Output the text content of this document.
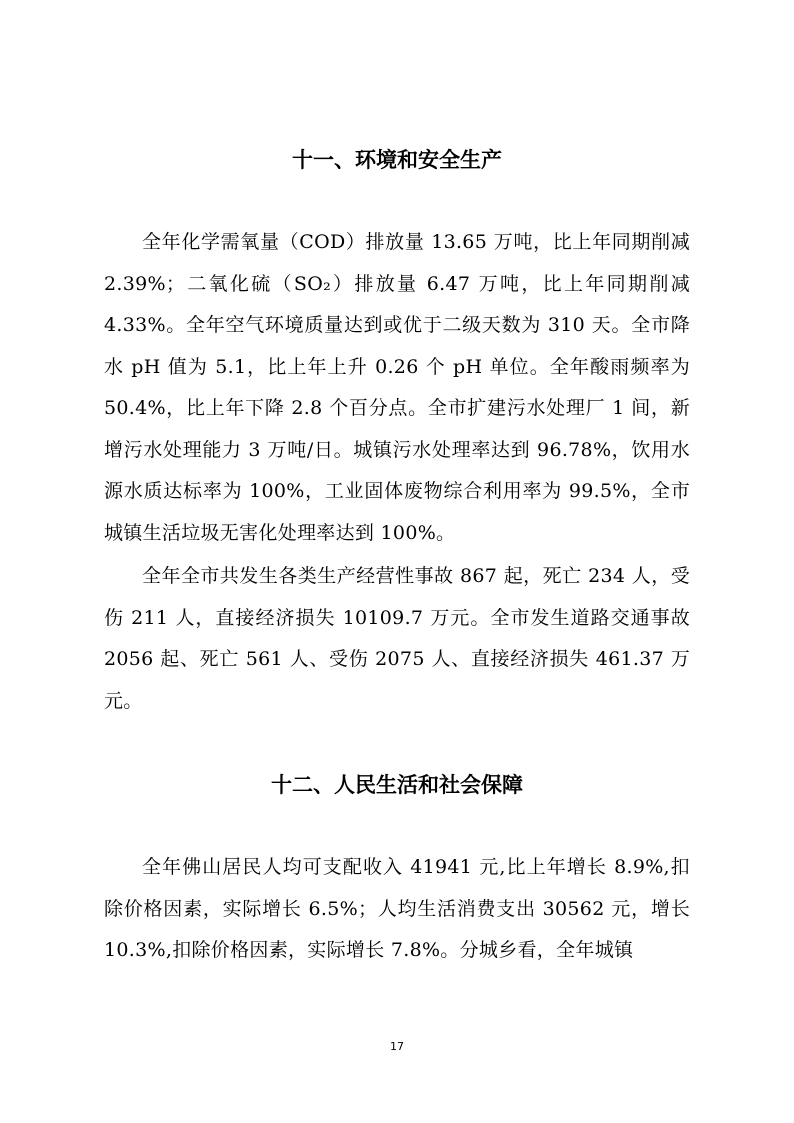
十一、环境和安全生产

全年化学需氧量（COD）排放量 13.65 万吨，比上年同期削减 2.39%；二氧化硫（SO₂）排放量 6.47 万吨，比上年同期削减 4.33%。全年空气环境质量达到或优于二级天数为 310 天。全市降水 pH 值为 5.1，比上年上升 0.26 个 pH 单位。全年酸雨频率为 50.4%，比上年下降 2.8 个百分点。全市扩建污水处理厂 1 间，新增污水处理能力 3 万吨/日。城镇污水处理率达到 96.78%，饮用水源水质达标率为 100%，工业固体废物综合利用率为 99.5%，全市城镇生活垃圾无害化处理率达到 100%。

全年全市共发生各类生产经营性事故 867 起，死亡 234 人，受伤 211 人，直接经济损失 10109.7 万元。全市发生道路交通事故 2056 起、死亡 561 人、受伤 2075 人、直接经济损失 461.37 万元。

十二、人民生活和社会保障

全年佛山居民人均可支配收入 41941 元,比上年增长 8.9%,扣除价格因素，实际增长 6.5%；人均生活消费支出 30562 元，增长 10.3%,扣除价格因素，实际增长 7.8%。分城乡看，全年城镇

17
